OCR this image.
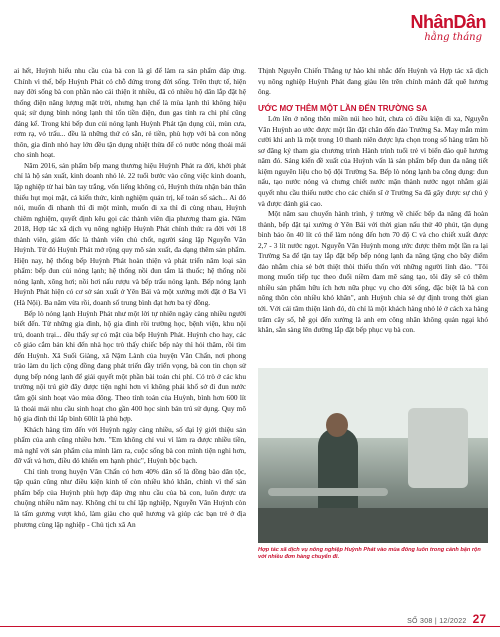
NhânDân
hằng tháng

ai hết, Huỳnh hiểu nhu cầu của bà con là gì để làm ra sản phẩm đáp ứng. Chính vì thế, bếp Huỳnh Phát có chỗ đứng trong đời sống. Trên thực tế, hiện nay đời sống bà con phần nào cải thiện ít nhiều, đã có nhiều hộ dân lắp đặt hệ thống điện năng lượng mặt trời, nhưng hạn chế là mùa lạnh thì không hiệu quả; sử dụng bình nóng lạnh thì tốn tiền điện, đun gas tính ra chi phí cũng đáng kể. Trong khi bếp đun củi nóng lạnh Huỳnh Phát tận dụng củi, mùn cưa, rơm rạ, vỏ trấu... đều là những thứ có sẵn, rẻ tiền, phù hợp với bà con nông thôn, gia đình nhỏ hay lớn đều tận dụng nhiệt thừa để có nước nóng thoải mái cho sinh hoạt.

Năm 2016, sản phẩm bếp mang thương hiệu Huỳnh Phát ra đời, khởi phát chỉ là hộ sản xuất, kinh doanh nhỏ lẻ. 22 tuổi bước vào công việc kinh doanh, lập nghiệp từ hai bàn tay trắng, vốn liếng không có, Huỳnh thừa nhận bản thân thiếu hụt mọi mặt, cả kiến thức, kinh nghiệm quản trị, kể toán số sách... Ai đó nói, muốn đi nhanh thì đi một mình, muốn đi xa thì đi cùng nhau, Huỳnh chiêm nghiệm, quyết định kêu gọi các thành viên địa phương tham gia. Năm 2018, Hợp tác xã dịch vụ nông nghiệp Huỳnh Phát chính thức ra đời với 18 thành viên, giám đốc là thành viên chủ chốt, người sáng lập Nguyễn Văn Huỳnh. Từ đó Huỳnh Phát mở rộng quy mô sản xuất, đa dạng thêm sản phẩm. Hiện nay, hệ thống bếp Huỳnh Phát hoàn thiện và phát triển năm loại sản phẩm: bếp đun củi nóng lạnh; hệ thống nồi đun tắm lá thuốc; hệ thống nồi nóng lạnh, xông hơi; nồi hơi nấu rượu và bếp trấu nóng lạnh. Bếp nóng lạnh Huỳnh Phát hiện có cơ sở sản xuất ở Yên Bái và một xưởng mới đặt ở Ba Vì (Hà Nội). Ba năm vừa rồi, doanh số trung bình đạt hơn ba tỷ đồng.

Bếp lò nóng lạnh Huỳnh Phát như một lời tự nhiên ngày càng nhiều người biết đến. Từ những gia đình, hộ gia đình rồi trường học, bệnh viện, khu nội trú, doanh trại... đều thấy sự có mặt của bếp Huỳnh Phát. Huỳnh cho hay, các cô giáo cắm bản khi đến nhà học trò thấy chiếc bếp này thì hỏi thăm, rồi tìm đến Huỳnh. Xã Suối Giàng, xã Nậm Lành của huyện Văn Chấn, nơi phong trào làm du lịch cộng đồng đang phát triển đầy triển vọng, bà con tin chọn sử dụng bếp nóng lạnh để giải quyết một phần bài toán chi phí. Có trò ở các khu trường nội trú giờ đây được tiện nghi hơn vì không phải khổ sở đi đun nước tắm gội sinh hoạt vào mùa đông. Theo tính toán của Huỳnh, bình hơn 600 lít là thoải mái nhu cầu sinh hoạt cho gần 400 học sinh bán trú sử dụng. Quy mô hộ gia đình thì lắp bình 60lít là phù hợp.

Khách hàng tìm đến với Huỳnh ngày càng nhiều, số đại lý giới thiệu sản phẩm của anh cũng nhiều hơn. "Em không chỉ vui vì làm ra được nhiều tiền, mà nghĩ với sản phẩm của mình làm ra, cuộc sống bà con mình tiện nghi hơn, đỡ vất vả hơn, điều đó khiến em hạnh phúc", Huỳnh bộc bạch.

Chỉ tính trong huyện Văn Chấn có hơn 40% dân số là đồng bào dân tộc, tập quán cũng như điều kiện kinh tế còn nhiều khó khăn, chính vì thế sản phẩm bếp của Huỳnh phù hợp đáp ứng nhu cầu của bà con, luôn được ưa chuộng nhiều năm nay. Không chỉ tu chí lập nghiệp, Nguyễn Văn Huỳnh còn là tấm gương vượt khó, làm giàu cho quê hương và giúp các bạn trẻ ở địa phương cùng lập nghiệp - Chủ tịch xã An

Thịnh Nguyễn Chiến Thắng tự hào khi nhắc đến Huỳnh và Hợp tác xã dịch vụ nông nghiệp Huỳnh Phát đang giàu lên trên chính mảnh đất quê hương ông.

ƯỚC MƠ THÊM MỘT LẦN ĐẾN TRƯỜNG SA

Lớn lên ở nông thôn miền núi heo hút, chưa có điều kiện đi xa, Nguyễn Văn Huỳnh ao ước được một lần đặt chân đến đảo Trường Sa. May mắn mỉm cười khi anh là một trong 10 thanh niên được lựa chọn trong số hàng trăm hồ sơ đăng ký tham gia chương trình Hành trình tuổi trẻ vì biển đảo quê hương năm đó. Sáng kiến đề xuất của Huỳnh vấn là sản phẩm bếp đun đa năng tiết kiệm nguyên liệu cho bộ đội Trường Sa. Bếp lò nóng lạnh ba công dụng: đun nấu, tạo nước nóng và chưng chiết nước mặn thành nước ngọt nhằm giải quyết nhu cầu thiếu nước cho các chiến sĩ ở Trường Sa đã gây được sự chú ý và được đánh giá cao.

Một năm sau chuyến hành trình, ý tưởng về chiếc bếp đa năng đã hoàn thành, bếp đặt tại xưởng ở Yên Bái với thời gian nấu thử 40 phút, tận dụng bình bảo ôn 40 lít có thể làm nóng đến hơn 70 độ C và cho chiết xuất được 2,7 - 3 lít nước ngọt. Nguyễn Văn Huỳnh mong ước được thêm một lần ra lại Trường Sa để tận tay lắp đặt bếp bếp nóng lạnh đa năng tặng cho bây điểm đảo nhằm chia sẻ bớt thiệt thòi thiếu thốn với những người lính đảo. "Tôi mong muốn tiếp tục theo đuổi niềm đam mê sáng tạo, tôi đây sẽ có thêm nhiều sản phẩm hữu ích hơn nữa phục vụ cho đời sống, đặc biệt là bà con nông thôn còn nhiều khó khăn", anh Huỳnh chia sẻ dự định trong thời gian tới. Với cái tâm thiện lành đó, dù chỉ là một khách hàng nhỏ lẻ ở cách xa hàng trăm cây số, hễ gọi đến xưởng là anh em công nhân không quản ngại khó khăn, sẵn sàng lên đường lắp đặt bếp phục vụ bà con.

Hợp tác xã dịch vụ nông nghiệp Huỳnh Phát vào mùa đông luôn trong cảnh bận rộn với nhiều đơn hàng chuyển đi.
SỐ 308 | 12/2022 27
